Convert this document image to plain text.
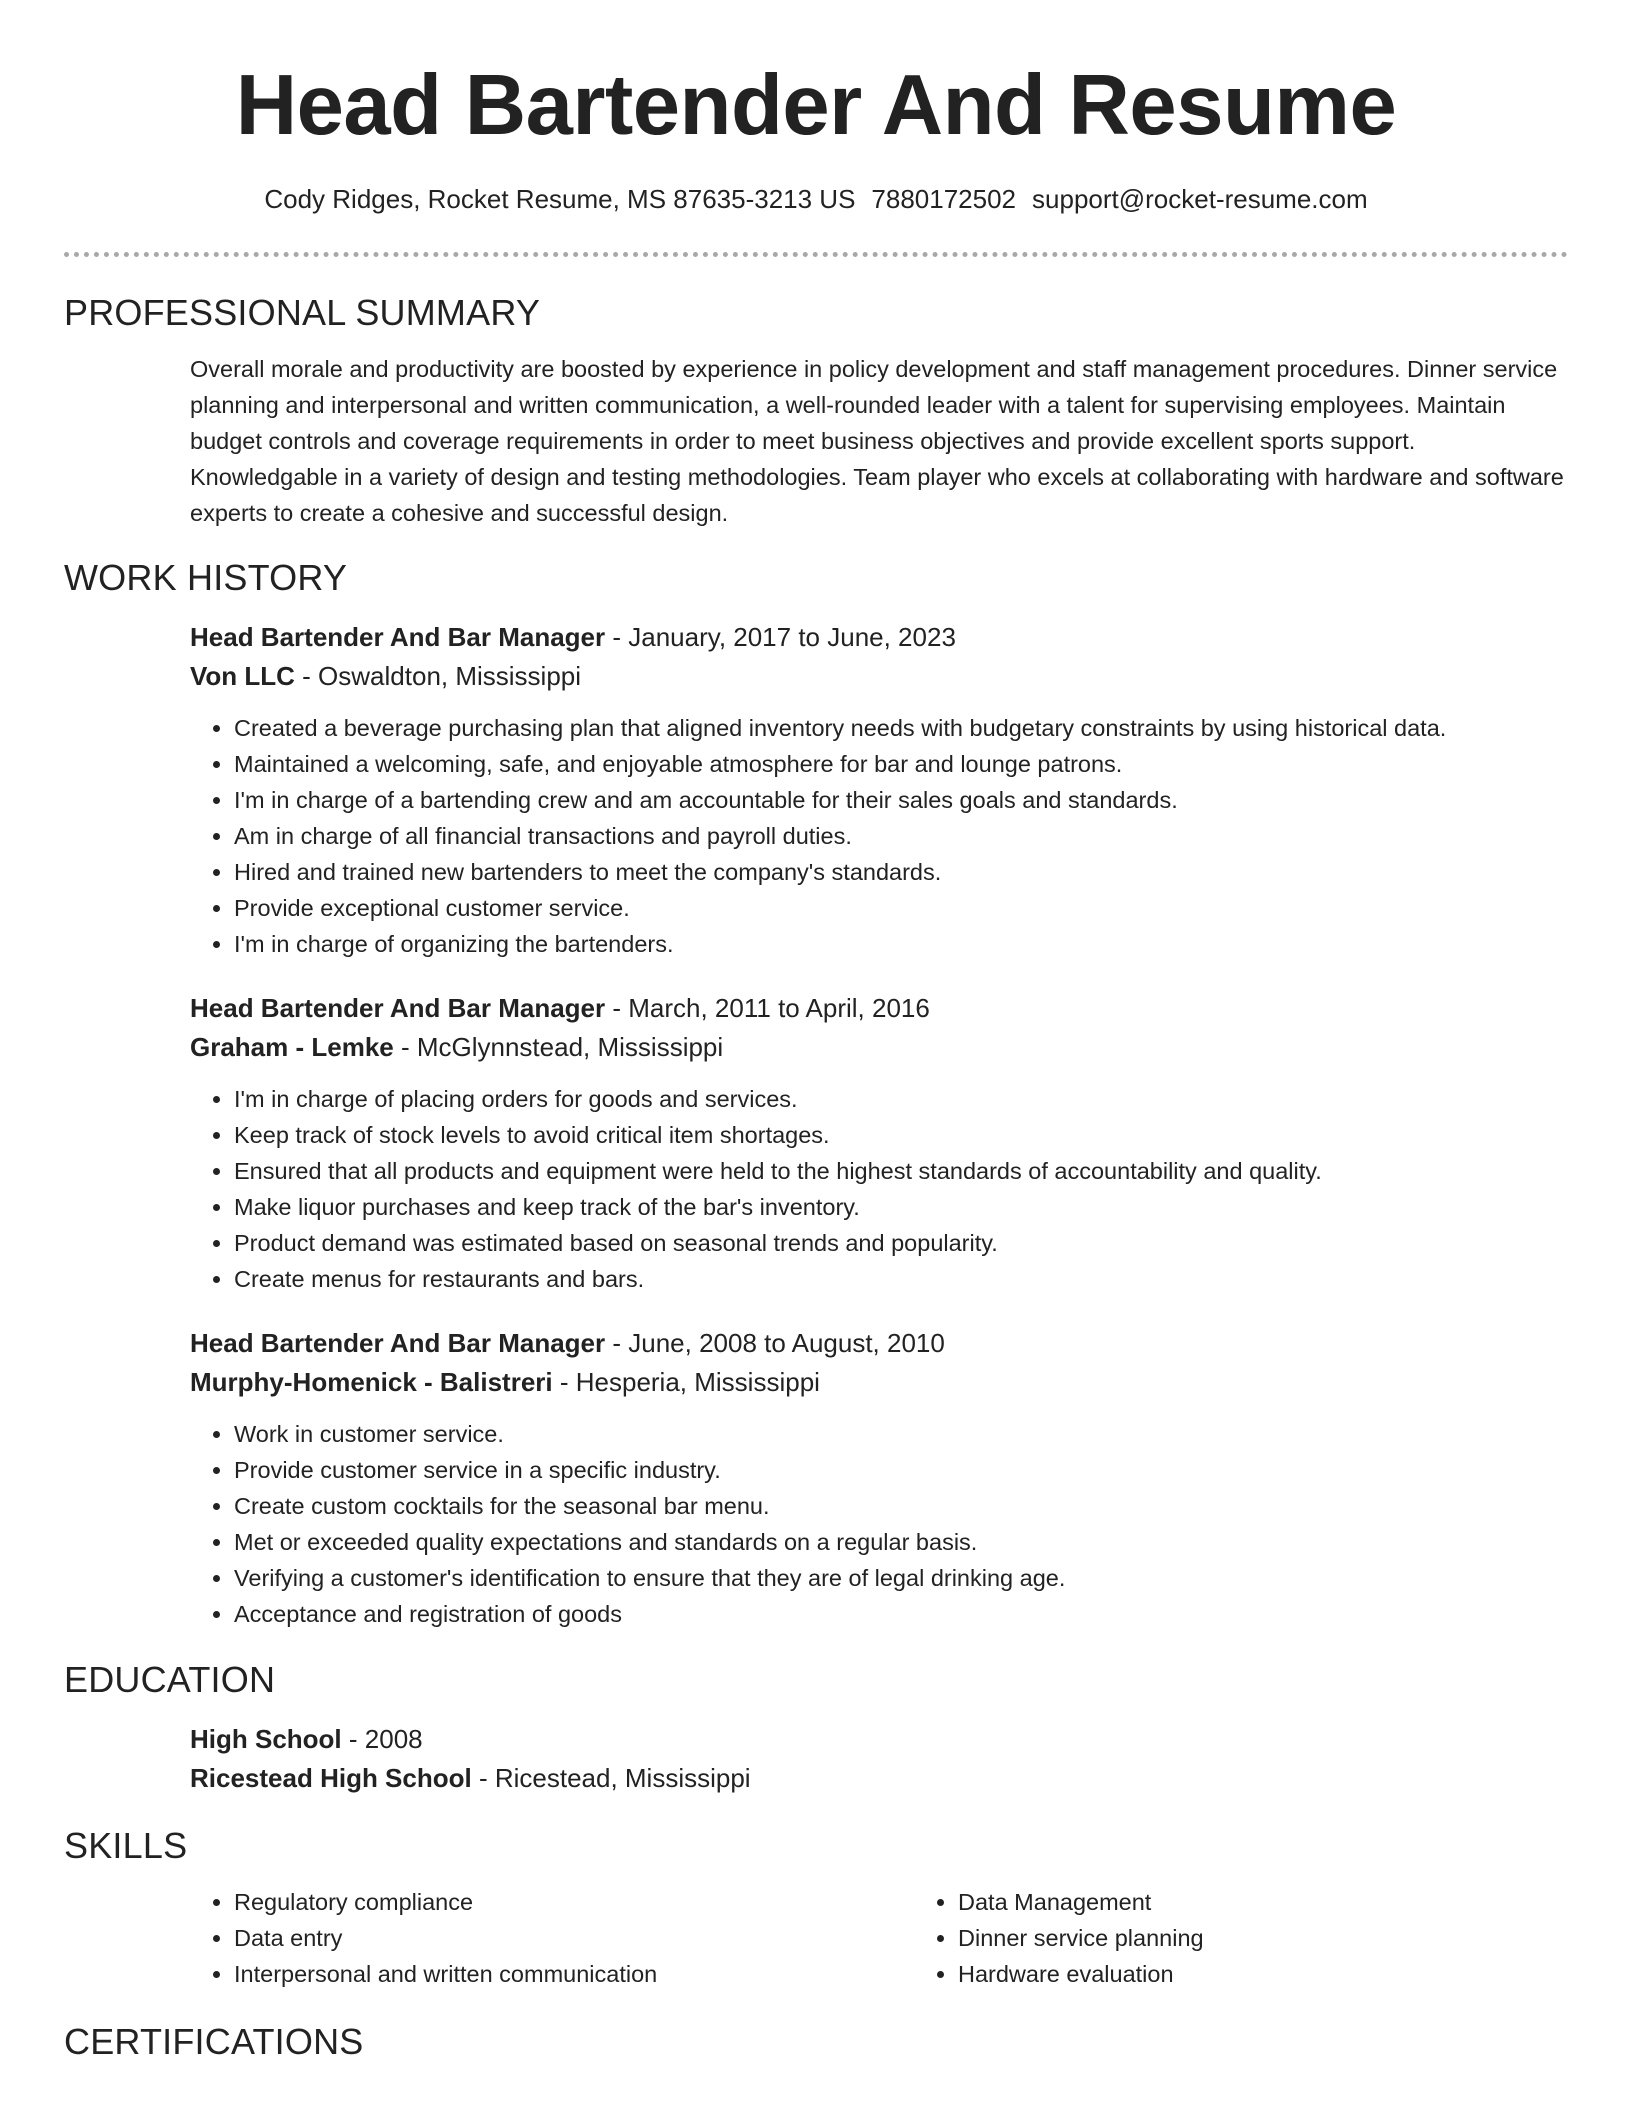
Head Bartender And Resume
Cody Ridges, Rocket Resume, MS 87635-3213 US 7880172502 support@rocket-resume.com
PROFESSIONAL SUMMARY

Overall morale and productivity are boosted by experience in policy development and staff management procedures. Dinner service planning and interpersonal and written communication, a well-rounded leader with a talent for supervising employees. Maintain budget controls and coverage requirements in order to meet business objectives and provide excellent sports support. Knowledgable in a variety of design and testing methodologies. Team player who excels at collaborating with hardware and software experts to create a cohesive and successful design.

WORK HISTORY
Head Bartender And Bar Manager - January, 2017 to June, 2023
Von LLC - Oswaldton, Mississippi
• Created a beverage purchasing plan that aligned inventory needs with budgetary constraints by using historical data.
• Maintained a welcoming, safe, and enjoyable atmosphere for bar and lounge patrons.
• I'm in charge of a bartending crew and am accountable for their sales goals and standards.
• Am in charge of all financial transactions and payroll duties.
• Hired and trained new bartenders to meet the company's standards.
• Provide exceptional customer service.
• I'm in charge of organizing the bartenders.
Head Bartender And Bar Manager - March, 2011 to April, 2016
Graham - Lemke - McGlynnstead, Mississippi
• I'm in charge of placing orders for goods and services.
• Keep track of stock levels to avoid critical item shortages.
• Ensured that all products and equipment were held to the highest standards of accountability and quality.
• Make liquor purchases and keep track of the bar's inventory.
• Product demand was estimated based on seasonal trends and popularity.
• Create menus for restaurants and bars.
Head Bartender And Bar Manager - June, 2008 to August, 2010
Murphy-Homenick - Balistreri - Hesperia, Mississippi
• Work in customer service.
• Provide customer service in a specific industry.
• Create custom cocktails for the seasonal bar menu.
• Met or exceeded quality expectations and standards on a regular basis.
• Verifying a customer's identification to ensure that they are of legal drinking age.
• Acceptance and registration of goods
EDUCATION
High School - 2008
Ricestead High School - Ricestead, Mississippi
SKILLS
• Regulatory compliance
• Data entry
• Interpersonal and written communication
• Data Management
• Dinner service planning
• Hardware evaluation
CERTIFICATIONS
